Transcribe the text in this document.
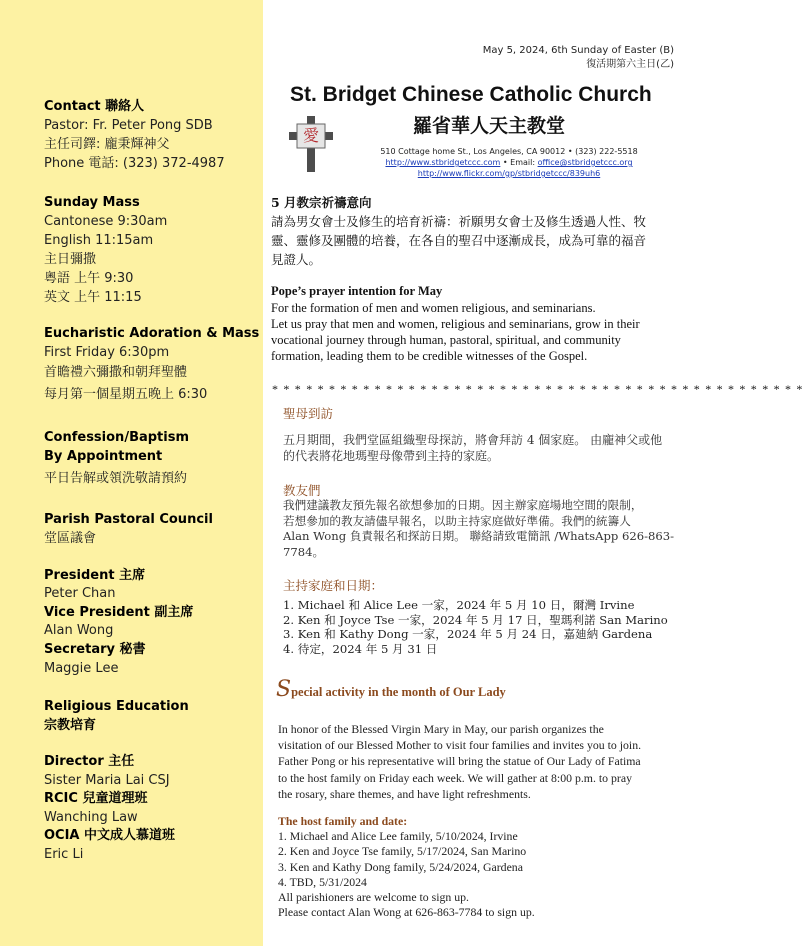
Contact 聯絡人
Pastor: Fr. Peter Pong SDB
主任司鐸: 龐秉輝神父
Phone 電話: (323) 372-4987
Sunday Mass
Cantonese 9:30am
English 11:15am
主日彌撒
粵語 上午 9:30
英文 上午 11:15
Eucharistic Adoration & Mass
First Friday 6:30pm
首瞻禮六彌撒和朝拜聖體
每月第一個星期五晚上 6:30
Confession/Baptism
By Appointment
平日告解或領洗敬請預約
Parish Pastoral Council
堂區議會
President 主席
Peter Chan
Vice President 副主席
Alan Wong
Secretary 秘書
Maggie Lee
Religious Education
宗教培育
Director 主任
Sister Maria Lai CSJ
RCIC 兒童道理班
Wanching Law
OCIA 中文成人慕道班
Eric Li
May 5, 2024, 6th Sunday of Easter (B)
復活期第六主日(乙)
St. Bridget Chinese Catholic Church
羅省華人天主教堂
愛
510 Cottage home St., Los Angeles, CA 90012 • (323) 222-5518
http://www.stbridgetccc.com • Email: office@stbridgetccc.org
http://www.flickr.com/gp/stbridgetccc/839uh6
5 月教宗祈禱意向
請為男女會士及修生的培育祈禱：祈願男女會士及修生透過人性、牧
靈、靈修及團體的培養，在各自的聖召中逐漸成長，成為可靠的福音
見證人。
Pope’s prayer intention for May
For the formation of men and women religious, and seminarians.
Let us pray that men and women, religious and seminarians, grow in their
vocational journey through human, pastoral, spiritual, and community
formation, leading them to be credible witnesses of the Gospel.
* * * * * * * * * * * * * * * * * * * * * * * * * * * * * * * * * * * * * * * * * * * * * * *
聖母到訪
五月期間，我們堂區組織聖母探訪，將會拜訪 4 個家庭。 由龐神父或他
的代表將花地瑪聖母像帶到主持的家庭。
教友們
我們建議教友預先報名欲想參加的日期。因主辦家庭場地空間的限制，
若想參加的教友請儘早報名，以助主持家庭做好準備。我們的統籌人
Alan Wong 負責報名和探訪日期。 聯絡請致電簡訊 /WhatsApp 626-863-
7784。
主持家庭和日期：
1. Michael 和 Alice Lee 一家，2024 年 5 月 10 日，爾灣 Irvine
2. Ken 和 Joyce Tse 一家，2024 年 5 月 17 日，聖瑪利諾 San Marino
3. Ken 和 Kathy Dong 一家，2024 年 5 月 24 日，嘉廸納 Gardena
4. 待定，2024 年 5 月 31 日
Special activity in the month of Our Lady
In honor of the Blessed Virgin Mary in May, our parish organizes the
visitation of our Blessed Mother to visit four families and invites you to join.
Father Pong or his representative will bring the statue of Our Lady of Fatima
to the host family on Friday each week. We will gather at 8:00 p.m. to pray
the rosary, share themes, and have light refreshments.
The host family and date:
1. Michael and Alice Lee family, 5/10/2024, Irvine
2. Ken and Joyce Tse family, 5/17/2024, San Marino
3. Ken and Kathy Dong family, 5/24/2024, Gardena
4. TBD, 5/31/2024
All parishioners are welcome to sign up.
Please contact Alan Wong at 626-863-7784 to sign up.
